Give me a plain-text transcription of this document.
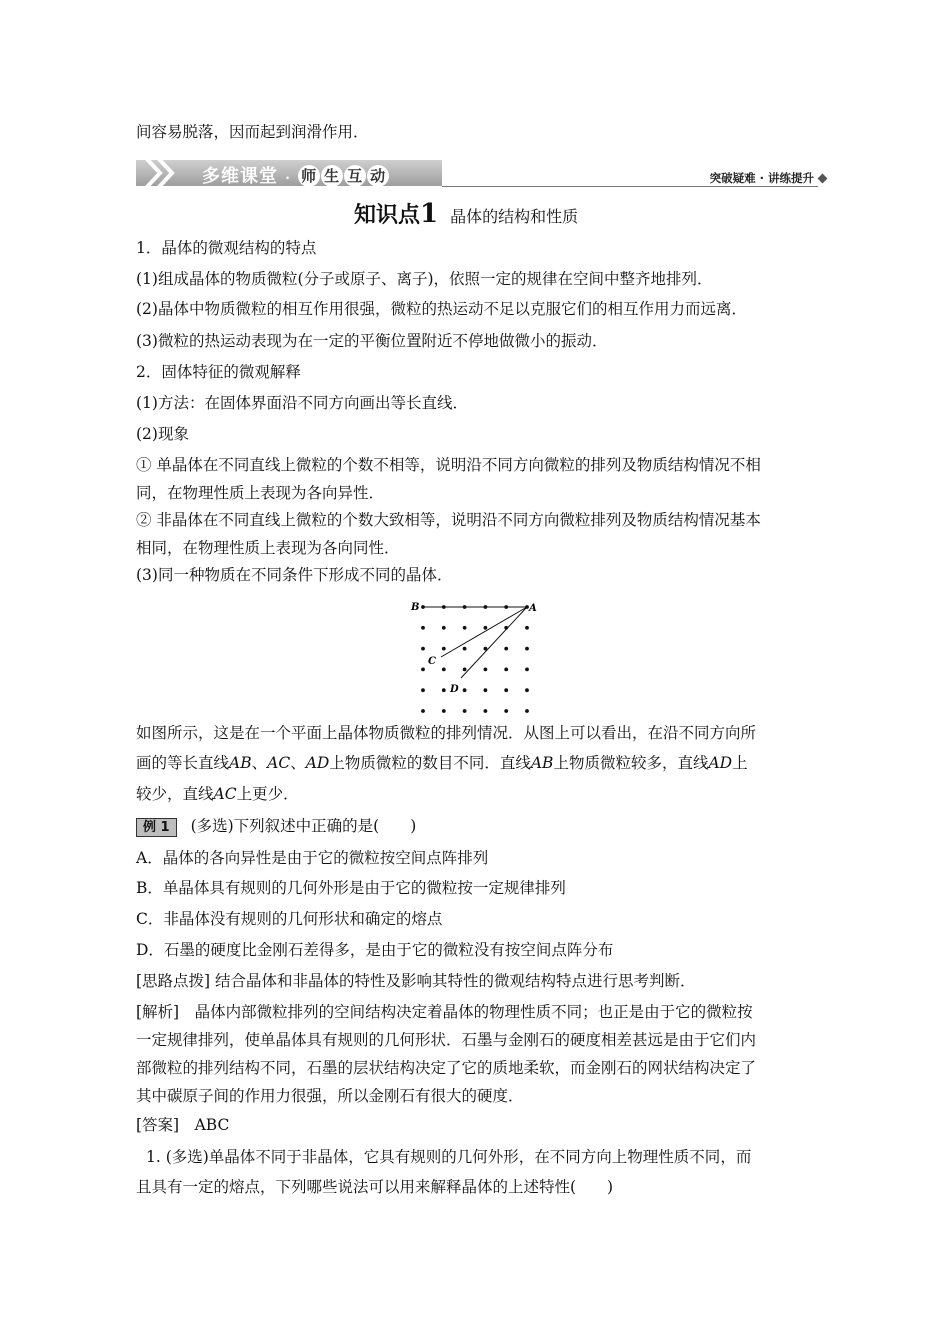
间容易脱落，因而起到润滑作用．
多维课堂 · 师 生 互 动	突破疑难 · 讲练提升
知识点1 晶体的结构和性质
1．晶体的微观结构的特点
(1)组成晶体的物质微粒(分子或原子、离子)，依照一定的规律在空间中整齐地排列．
(2)晶体中物质微粒的相互作用很强，微粒的热运动不足以克服它们的相互作用力而远离．
(3)微粒的热运动表现为在一定的平衡位置附近不停地做微小的振动．
2．固体特征的微观解释
(1)方法：在固体界面沿不同方向画出等长直线．
(2)现象
① 单晶体在不同直线上微粒的个数不相等，说明沿不同方向微粒的排列及物质结构情况不相
同，在物理性质上表现为各向异性．
② 非晶体在不同直线上微粒的个数大致相等，说明沿不同方向微粒排列及物质结构情况基本
相同，在物理性质上表现为各向同性．
(3)同一种物质在不同条件下形成不同的晶体．
B	A
C
D
如图所示，这是在一个平面上晶体物质微粒的排列情况．从图上可以看出，在沿不同方向所
画的等长直线AB、AC、AD上物质微粒的数目不同．直线AB上物质微粒较多，直线AD上
较少，直线AC上更少．
例 1 (多选)下列叙述中正确的是(　　)
A．晶体的各向异性是由于它的微粒按空间点阵排列
B．单晶体具有规则的几何外形是由于它的微粒按一定规律排列
C．非晶体没有规则的几何形状和确定的熔点
D．石墨的硬度比金刚石差得多，是由于它的微粒没有按空间点阵分布
[思路点拨] 结合晶体和非晶体的特性及影响其特性的微观结构特点进行思考判断．
[解析]　晶体内部微粒排列的空间结构决定着晶体的物理性质不同；也正是由于它的微粒按
一定规律排列，使单晶体具有规则的几何形状．石墨与金刚石的硬度相差甚远是由于它们内
部微粒的排列结构不同，石墨的层状结构决定了它的质地柔软，而金刚石的网状结构决定了
其中碳原子间的作用力很强，所以金刚石有很大的硬度．
[答案]　ABC
1. (多选)单晶体不同于非晶体，它具有规则的几何外形，在不同方向上物理性质不同，而
且具有一定的熔点，下列哪些说法可以用来解释晶体的上述特性(　　)
